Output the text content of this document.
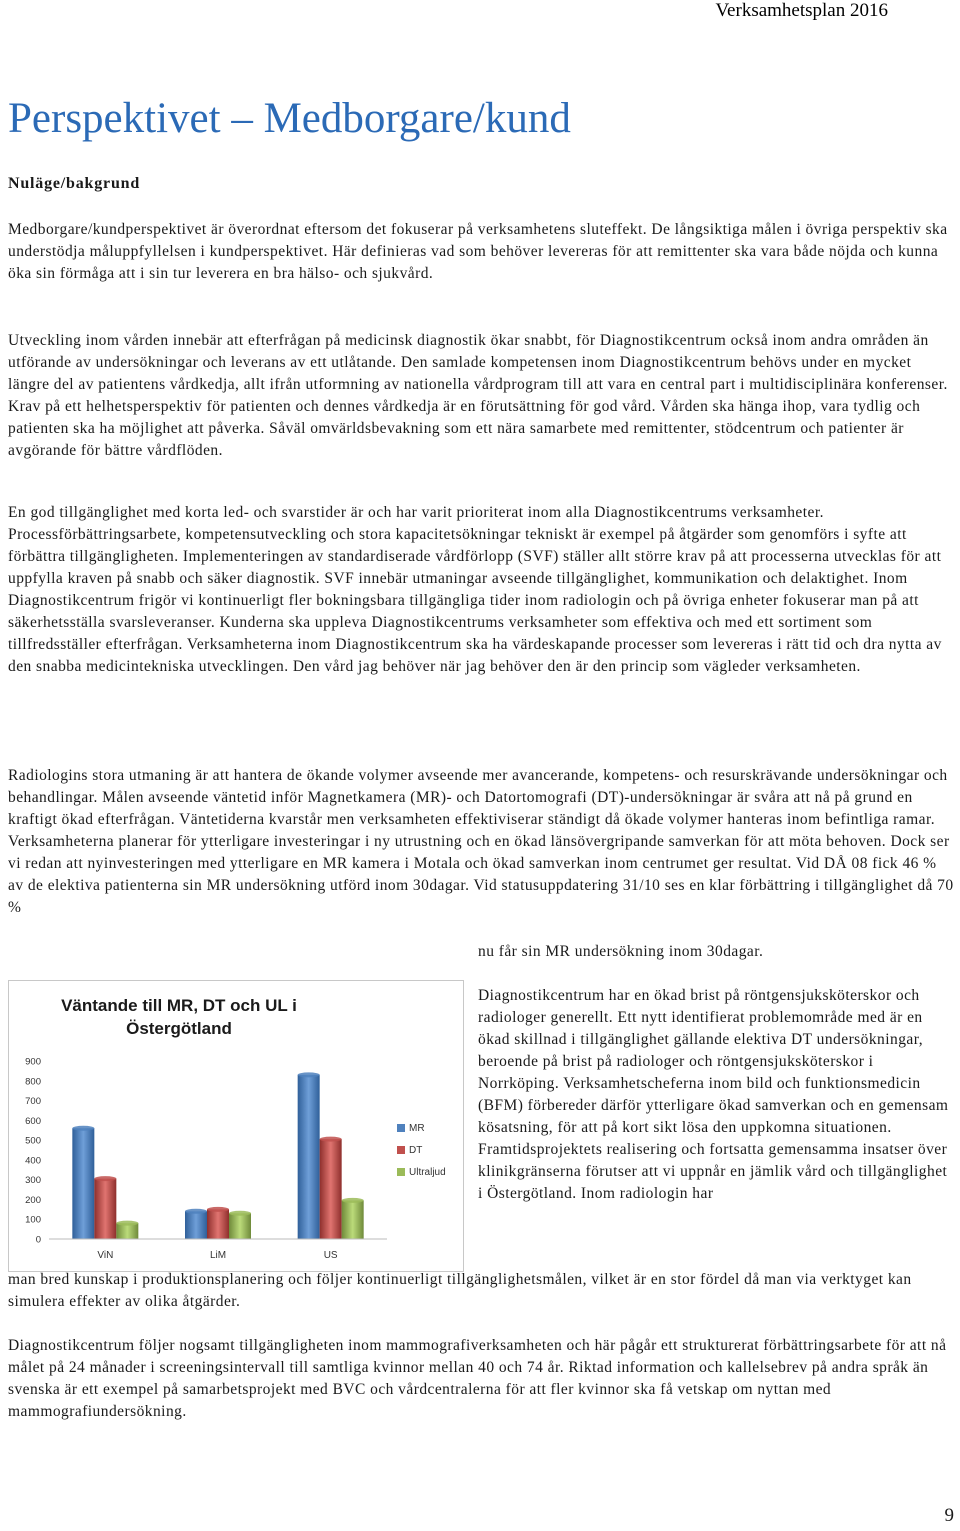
Verksamhetsplan 2016
Perspektivet – Medborgare/kund
Nuläge/bakgrund

Medborgare/kundperspektivet är överordnat eftersom det fokuserar på verksamhetens sluteffekt. De långsiktiga målen i övriga perspektiv ska understödja måluppfyllelsen i kundperspektivet. Här definieras vad som behöver levereras för att remittenter ska vara både nöjda och kunna öka sin förmåga att i sin tur leverera en bra hälso- och sjukvård.

Utveckling inom vården innebär att efterfrågan på medicinsk diagnostik ökar snabbt, för Diagnostikcentrum också inom andra områden än utförande av undersökningar och leverans av ett utlåtande. Den samlade kompetensen inom Diagnostikcentrum behövs under en mycket längre del av patientens vårdkedja, allt ifrån utformning av nationella vårdprogram till att vara en central part i multidisciplinära konferenser. Krav på ett helhetsperspektiv för patienten och dennes vårdkedja är en förutsättning för god vård. Vården ska hänga ihop, vara tydlig och patienten ska ha möjlighet att påverka. Såväl omvärldsbevakning som ett nära samarbete med remittenter, stödcentrum och patienter är avgörande för bättre vårdflöden.

En god tillgänglighet med korta led- och svarstider är och har varit prioriterat inom alla Diagnostikcentrums verksamheter. Processförbättringsarbete, kompetensutveckling och stora kapacitetsökningar tekniskt är exempel på åtgärder som genomförs i syfte att förbättra tillgängligheten. Implementeringen av standardiserade vårdförlopp (SVF) ställer allt större krav på att processerna utvecklas för att uppfylla kraven på snabb och säker diagnostik. SVF innebär utmaningar avseende tillgänglighet, kommunikation och delaktighet. Inom Diagnostikcentrum frigör vi kontinuerligt fler bokningsbara tillgängliga tider inom radiologin och på övriga enheter fokuserar man på att säkerhetsställa svarsleveranser. Kunderna ska uppleva Diagnostikcentrums verksamheter som effektiva och med ett sortiment som tillfredsställer efterfrågan. Verksamheterna inom Diagnostikcentrum ska ha värdeskapande processer som levereras i rätt tid och dra nytta av den snabba medicintekniska utvecklingen. Den vård jag behöver när jag behöver den är den princip som vägleder verksamheten.

Radiologins stora utmaning är att hantera de ökande volymer avseende mer avancerande, kompetens- och resurskrävande undersökningar och behandlingar. Målen avseende väntetid inför Magnetkamera (MR)- och Datortomografi (DT)-undersökningar är svåra att nå på grund en kraftigt ökad efterfrågan. Väntetiderna kvarstår men verksamheten effektiviserar ständigt då ökade volymer hanteras inom befintliga ramar. Verksamheterna planerar för ytterligare investeringar i ny utrustning och en ökad länsövergripande samverkan för att möta behoven. Dock ser vi redan att nyinvesteringen med ytterligare en MR kamera i Motala och ökad samverkan inom centrumet ger resultat. Vid DÅ 08 fick 46 % av de elektiva patienterna sin MR undersökning utförd inom 30dagar. Vid statusuppdatering 31/10 ses en klar förbättring i tillgänglighet då 70 %

nu får sin MR undersökning inom 30dagar.

Väntande till MR, DT och UL i
Östergötland
0
100
200
300
400
500
600
700
800
900
ViN	LiM	US
MR
DT
Ultraljud

Diagnostikcentrum har en ökad brist på röntgensjuksköterskor och radiologer generellt. Ett nytt identifierat problemområde med är en ökad skillnad i tillgänglighet gällande elektiva DT undersökningar, beroende på brist på radiologer och röntgensjuksköterskor i Norrköping. Verksamhetscheferna inom bild och funktionsmedicin (BFM) förbereder därför ytterligare ökad samverkan och en gemensam kösatsning, för att på kort sikt lösa den uppkomna situationen. Framtidsprojektets realisering och fortsatta gemensamma insatser över klinikgränserna förutser att vi uppnår en jämlik vård och tillgänglighet i Östergötland. Inom radiologin har

man bred kunskap i produktionsplanering och följer kontinuerligt tillgänglighetsmålen, vilket är en stor fördel då man via verktyget kan simulera effekter av olika åtgärder.

Diagnostikcentrum följer nogsamt tillgängligheten inom mammografiverksamheten och här pågår ett strukturerat förbättringsarbete för att nå målet på 24 månader i screeningsintervall till samtliga kvinnor mellan 40 och 74 år. Riktad information och kallelsebrev på andra språk än svenska är ett exempel på samarbetsprojekt med BVC och vårdcentralerna för att fler kvinnor ska få vetskap om nyttan med mammografiundersökning.

9
